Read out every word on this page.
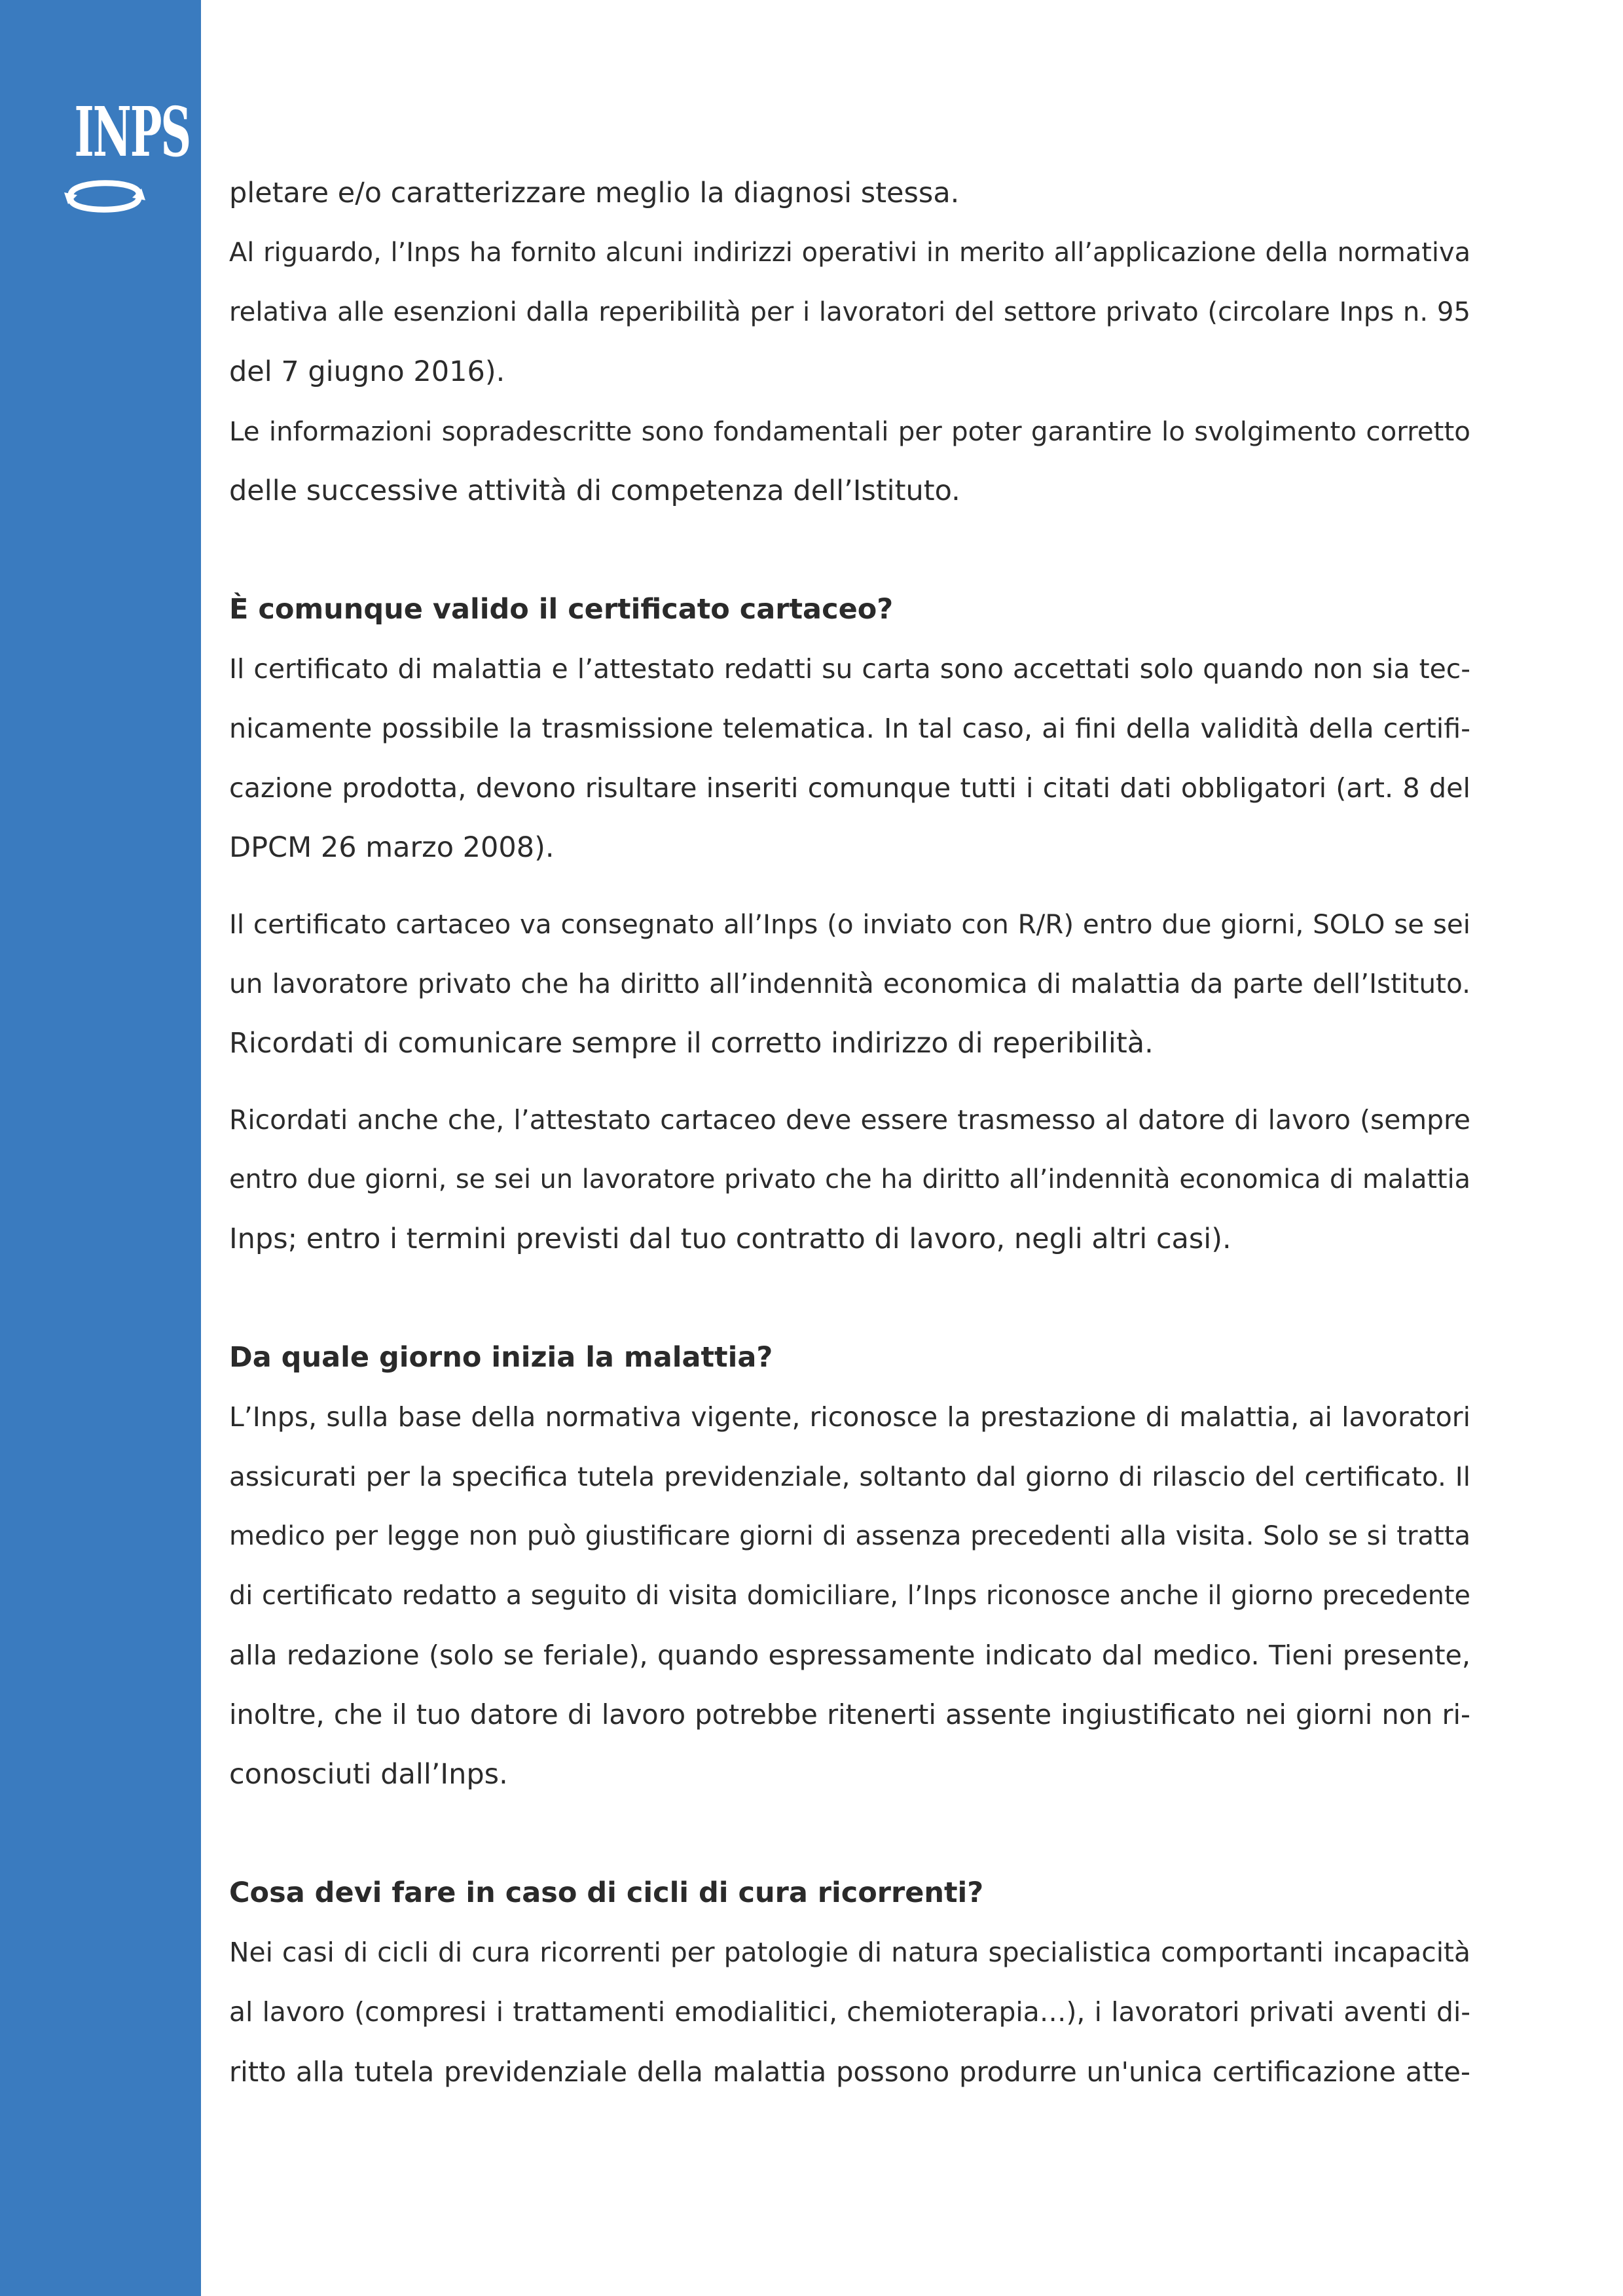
INPS
pletare e/o caratterizzare meglio la diagnosi stessa.
Al riguardo, l’Inps ha fornito alcuni indirizzi operativi in merito all’applicazione della normativa
relativa alle esenzioni dalla reperibilità per i lavoratori del settore privato (circolare Inps n. 95
del 7 giugno 2016).
Le informazioni sopradescritte sono fondamentali per poter garantire lo svolgimento corretto
delle successive attività di competenza dell’Istituto.
È comunque valido il certificato cartaceo?
Il certificato di malattia e l’attestato redatti su carta sono accettati solo quando non sia tec-
nicamente possibile la trasmissione telematica. In tal caso, ai fini della validità della certifi-
cazione prodotta, devono risultare inseriti comunque tutti i citati dati obbligatori (art. 8 del
DPCM 26 marzo 2008).
Il certificato cartaceo va consegnato all’Inps (o inviato con R/R) entro due giorni, SOLO se sei
un lavoratore privato che ha diritto all’indennità economica di malattia da parte dell’Istituto.
Ricordati di comunicare sempre il corretto indirizzo di reperibilità.
Ricordati anche che, l’attestato cartaceo deve essere trasmesso al datore di lavoro (sempre
entro due giorni, se sei un lavoratore privato che ha diritto all’indennità economica di malattia
Inps; entro i termini previsti dal tuo contratto di lavoro, negli altri casi).
Da quale giorno inizia la malattia?
L’Inps, sulla base della normativa vigente, riconosce la prestazione di malattia, ai lavoratori
assicurati per la specifica tutela previdenziale, soltanto dal giorno di rilascio del certificato. Il
medico per legge non può giustificare giorni di assenza precedenti alla visita. Solo se si tratta
di certificato redatto a seguito di visita domiciliare, l’Inps riconosce anche il giorno precedente
alla redazione (solo se feriale), quando espressamente indicato dal medico. Tieni presente,
inoltre, che il tuo datore di lavoro potrebbe ritenerti assente ingiustificato nei giorni non ri-
conosciuti dall’Inps.
Cosa devi fare in caso di cicli di cura ricorrenti?
Nei casi di cicli di cura ricorrenti per patologie di natura specialistica comportanti incapacità
al lavoro (compresi i trattamenti emodialitici, chemioterapia…), i lavoratori privati aventi di-
ritto alla tutela previdenziale della malattia possono produrre un'unica certificazione atte-
